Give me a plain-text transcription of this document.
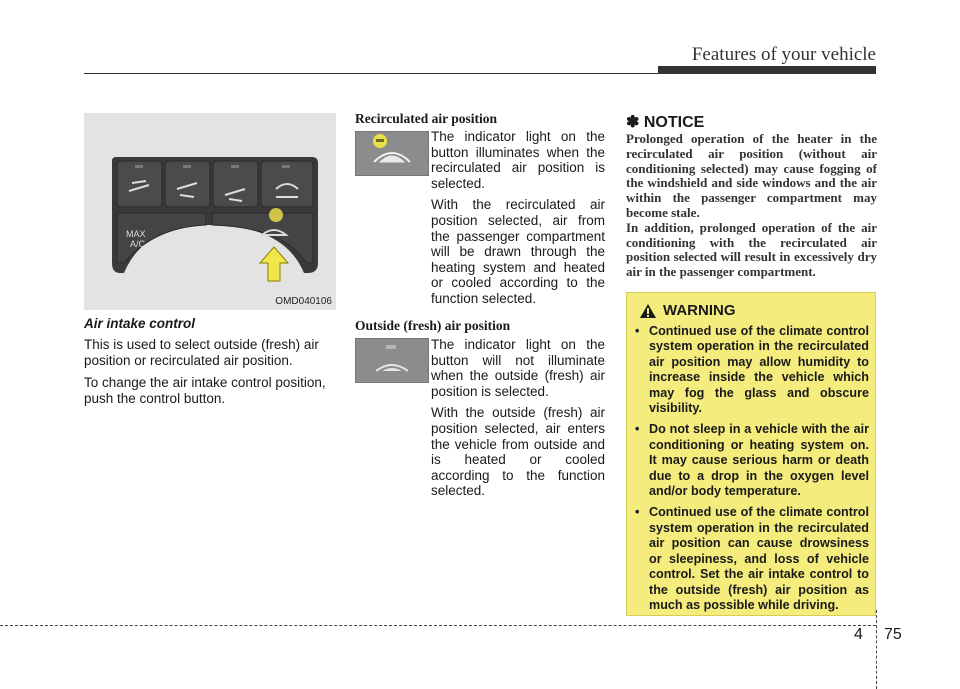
Features of your vehicle
MAX
A/C
OMD040106
Air intake control

This is used to select outside (fresh) air position or recirculated air position.

To change the air intake control position, push the control button.

Recirculated air position

The indicator light on the button illuminates when the recirculated air position is selected.

With the recirculated air position selected, air from the passenger compartment will be drawn through the heating system and heated or cooled according to the function selected.

Outside (fresh) air position

The indicator light on the button will not illuminate when the outside (fresh) air position is selected.

With the outside (fresh) air position selected, air enters the vehicle from outside and is heated or cooled according to the function selected.

✽ NOTICE

Prolonged operation of the heater in the recirculated air position (without air conditioning selected) may cause fogging of the windshield and side windows and the air within the passenger compartment may become stale.

In addition, prolonged operation of the air conditioning with the recirculated air position selected will result in excessively dry air in the passenger compartment.

WARNING
• Continued use of the climate control system operation in the recirculated air position may allow humidity to increase inside the vehicle which may fog the glass and obscure visibility.
• Do not sleep in a vehicle with the air conditioning or heating system on. It may cause serious harm or death due to a drop in the oxygen level and/or body temperature.
• Continued use of the climate control system operation in the recirculated air position can cause drowsiness or sleepiness, and loss of vehicle control. Set the air intake control to the outside (fresh) air position as much as possible while driving.
4 75
